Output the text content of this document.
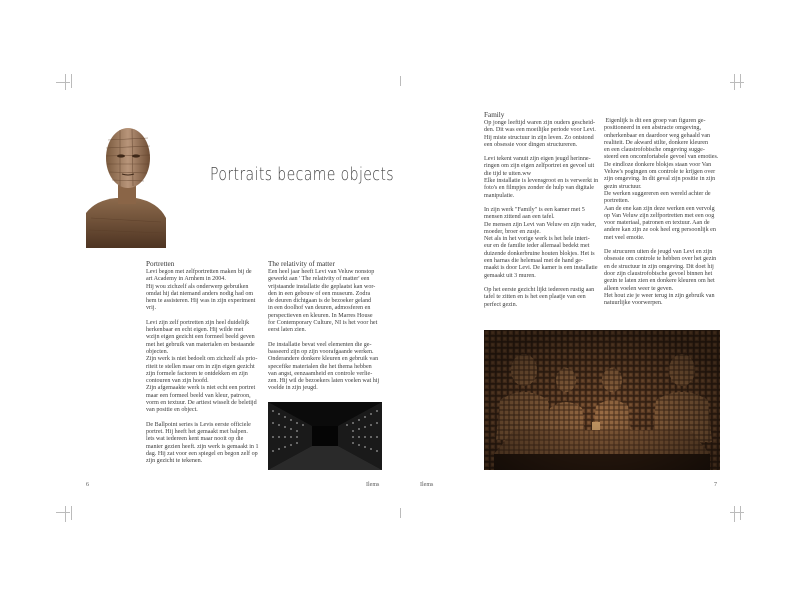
Portraits became objects
Portretten

Levi begon met zelfportretten maken bij de
art Academy in Arnhem in 2004.
Hij wou zichzelf als onderwerp gebruiken
omdat hij dat niemand anders nodig had om
hem te assisteren. Hij was in zijn experiment
vrij.

Levi zijn zelf portretten zijn heel duidelijk
herkenbaar en echt eigen. Hij wilde met
wzijn eigen gezicht een formeel beeld geven
met het gebruik van materialen en bestaande
objecten.
Zijn werk is niet bedoelt om zichzelf als prio-
riteit te stellen maar om in zijn eigen gezicht
zijn formele factoren te ontdekken en zijn
contouren van zijn hoofd.
Zijn afgemaakte werk is niet echt een portret
maar een formeel beeld van kleur, patroon,
vorm en textuur. De artiest wisselt de beletijd
van positie en object.

De Ballpoint series is Levis eerste officiele
portret. Hij heeft het gemaakt met balpen.
lets wat iedereen kent maar nooit op die
manier gezien heeft. zijn werk is gemaakt in 1
dag. Hij zat voor een spiegel en begon zelf op
zijn gezicht te tekenen.

The relativity of matter

Een heel jaar heeft Levi van Veluw nonstop
gewerkt aan ' The relativity of matter' een
vrijstaande installatie die geplaatst kan wor-
den in een gebouw of een museum. Zodra
de deuren dichtgaan is de bezoeker geland
in een doolhof van deuren, admosferen en
perspectieven en kleuren. In Marres House
for Contemporary Culture, NI is het voor het
eerst laten zien.

De installatie bevat veel elementen die ge-
basseerd zijn op zijn voorafgaande werken.
Onderandere donkere kleuren en gebruik van
specefike materialen die het thema hebben
van angst, eenzaamheid en controle verlie-
zen. Hij wil de bezoekers laten voelen wat hij
voelde in zijn jeugd.

6	Ilems
Family

Op jonge leeftijd waren zijn ouders gescheid-
den. Dit was een moeilijke periode voor Levi.
Hij miste structuur in zijn leven. Zo ontstond
een obsessie voor dingen structureren.

Levi tekent vanuit zijn eigen jeugd herinne-
ringen om zijn eigen zelfportret en gevoel uit
die tijd te uiten.ww
Elke installatie is levensgroot en is verwerkt in
foto's en filmpjes zonder de hulp van digitale
manipulatie.

In zijn werk "Family" is een kamer met 5
mensen zittend aan een tafel.
De mensen zijn Levi van Veluw en zijn vader,
moeder, broer en zusje.
Net als in het vorige werk is het hele interi-
eur en de familie ieder allemaal bedekt met
duizende donkerbruine houten blokjes. Het is
een harnas die helemaal met de hand ge-
maakt is door Levi. De kamer is een installatie
gemaakt uit 3 muren.

Op het eerste gezicht lijkt iedereen rustig aan
tafel te zitten en is het een plaatje van een
perfect gezin.

Eigenlijk is dit een groep van figuren ge-
positioneerd in een abstracte omgeving,
onherkenbaar en daardoor weg gehaald van
realiteit. De akward stilte, donkere kleuren
en een claustrofobische omgeving sugge-
steerd een oncomfortabele gevoel van emoties.
De eindloze donkere blokjes staan voor Van
Veluw's pogingen om controle te krijgen over
zijn omgeving. In dit geval zijn positie in zijn
gezin structuur.
De werken suggereren een wereld achter de
portretten.
Aan de ene kan zijn deze werken een vervolg
op Van Veluw zijn zelfportretten met een oog
voor materiaal, patronen en textuur. Aan de
andere kan zijn ze ook heel erg persoonlijk en
met veel emotie.

De strucuren uiten de jeugd van Levi en zijn
obsessie om controle te hebben over het gezin
en de structuur in zijn omgeving. Dit doet hij
door zijn claustrofobische gevoel binnen het
gezin te laten zien en donkere kleuren om het
alleen voelen weer te geven.
Het hout zie je weer terug in zijn gebruik van
natuurlijke voorwerpen.

Ilems	7
